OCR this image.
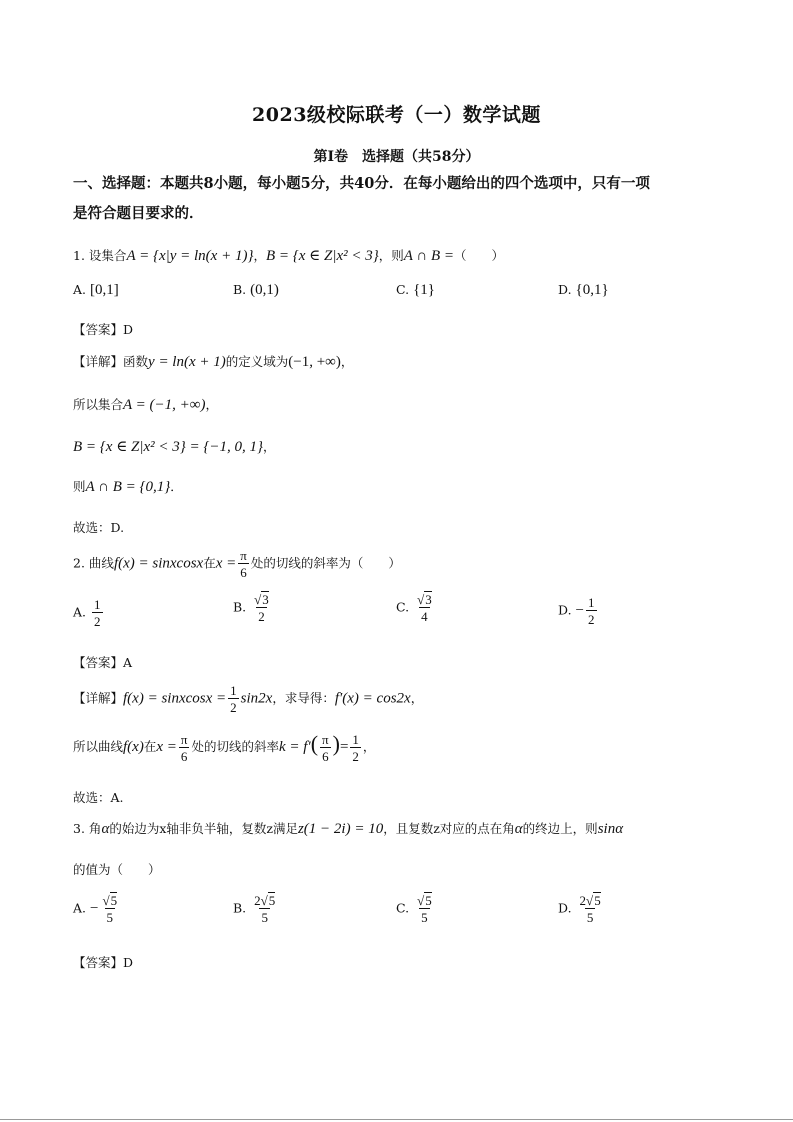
2023级校际联考（一）数学试题
第Ⅰ卷　选择题（共58分）
一、选择题：本题共8小题，每小题5分，共40分．在每小题给出的四个选项中，只有一项
是符合题目要求的．
1. 设集合A = {x|y = ln(x + 1)}，B = {x ∈ Z|x² < 3}，则A ∩ B =（　　）
A. [0,1]	B. (0,1)	C. {1}	D. {0,1}
【答案】D
【详解】函数y = ln(x + 1)的定义域为(−1, +∞)，
所以集合A = (−1, +∞)，
B = {x ∈ Z|x² < 3} = {−1, 0, 1}，
则A ∩ B = {0,1}．
故选：D.
2. 曲线f(x) = sinxcosx在$x = \frac{\pi}{6}$ 处的切线的斜率为（　　）
A. $\frac{1}{2}$	B. $\frac{√3}{2}$	C. $\frac{√3}{4}$	D. − $\frac{1}{2}$
【答案】A
【详解】f(x) = sinxcosx = $\frac{1}{2} \sin 2x$，求导得：f′(x) = cos2x，
所以曲线f(x)在$x = \frac{\pi}{6}$ 处的切线的斜率$k = f'( \frac{\pi}{6}$ )= $\frac{1}{2}$ ，
故选：A.
3. 角α的始边为x轴非负半轴，复数z满足z(1 − 2i) = 10，且复数z对应的点在角α的终边上，则sinα
的值为（　　）
A. − $\frac{√5}{5}$	B. $\frac{2√5}{5}$	C. $\frac{√5}{5}$	D. $\frac{2√5}{5}$
【答案】D
